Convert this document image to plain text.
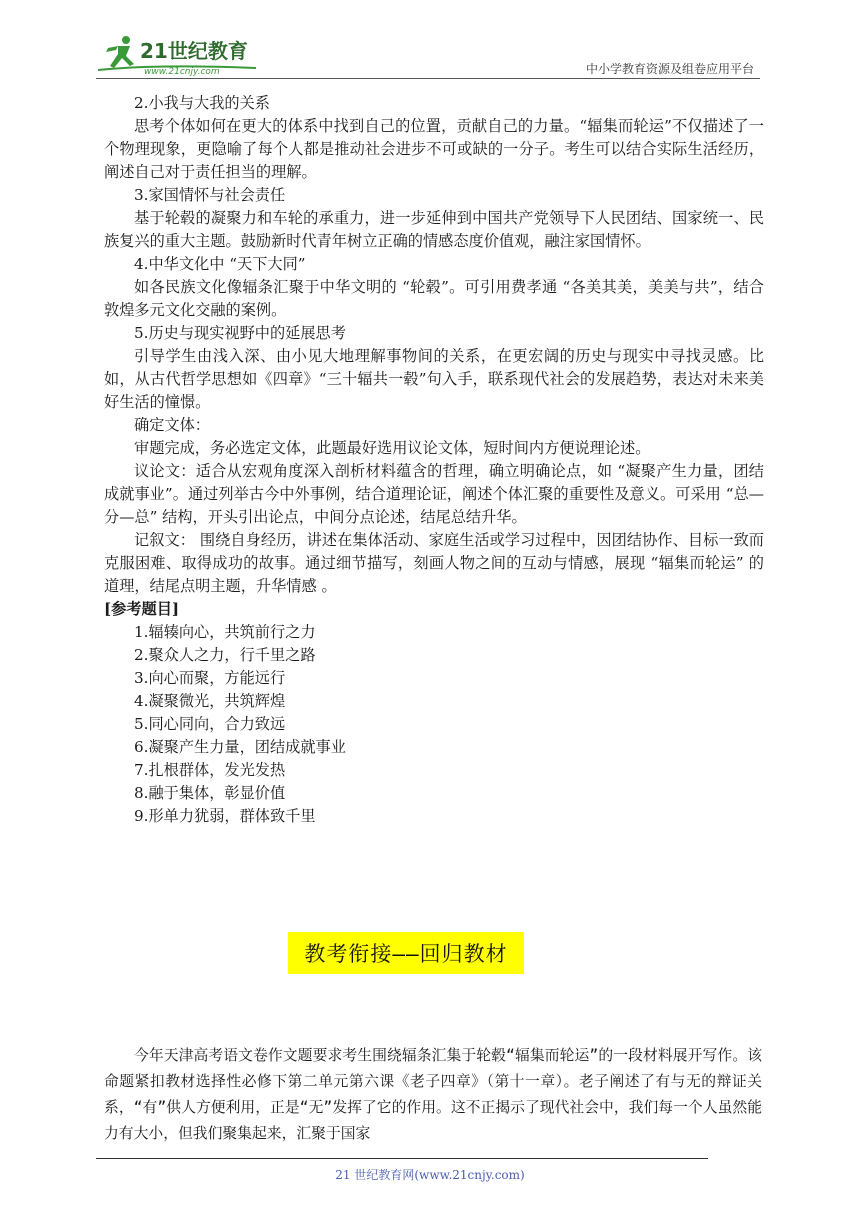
21世纪教育
www.21cnjy.com	中小学教育资源及组卷应用平台
2.小我与大我的关系

思考个体如何在更大的体系中找到自己的位置，贡献自己的力量。“辐集而轮运”不仅描述了一个物理现象，更隐喻了每个人都是推动社会进步不可或缺的一分子。考生可以结合实际生活经历，阐述自己对于责任担当的理解。

3.家国情怀与社会责任

基于轮毂的凝聚力和车轮的承重力，进一步延伸到中国共产党领导下人民团结、国家统一、民族复兴的重大主题。鼓励新时代青年树立正确的情感态度价值观，融注家国情怀。

4.中华文化中 “天下大同”

如各民族文化像辐条汇聚于中华文明的 “轮毂”。可引用费孝通 “各美其美，美美与共”，结合敦煌多元文化交融的案例。

5.历史与现实视野中的延展思考

引导学生由浅入深、由小见大地理解事物间的关系，在更宏阔的历史与现实中寻找灵感。比如，从古代哲学思想如《四章》“三十辐共一毂”句入手，联系现代社会的发展趋势，表达对未来美好生活的憧憬。

确定文体：

审题完成，务必选定文体，此题最好选用议论文体，短时间内方便说理论述。

议论文：适合从宏观角度深入剖析材料蕴含的哲理，确立明确论点，如 “凝聚产生力量，团结成就事业”。通过列举古今中外事例，结合道理论证，阐述个体汇聚的重要性及意义。可采用 “总—分—总” 结构，开头引出论点，中间分点论述，结尾总结升华。

记叙文： 围绕自身经历，讲述在集体活动、家庭生活或学习过程中，因团结协作、目标一致而克服困难、取得成功的故事。通过细节描写，刻画人物之间的互动与情感，展现 “辐集而轮运” 的道理，结尾点明主题，升华情感 。

[参考题目]
1.辐辏向心，共筑前行之力
2.聚众人之力，行千里之路
3.向心而聚，方能远行
4.凝聚微光，共筑辉煌
5.同心同向，合力致远
6.凝聚产生力量，团结成就事业
7.扎根群体，发光发热
8.融于集体，彰显价值
9.形单力犹弱，群体致千里
教考衔接——回归教材

今年天津高考语文卷作文题要求考生围绕辐条汇集于轮毂“辐集而轮运”的一段材料展开写作。该命题紧扣教材选择性必修下第二单元第六课《老子四章》（第十一章）。老子阐述了有与无的辩证关系，“有”供人方便利用，正是“无”发挥了它的作用。这不正揭示了现代社会中，我们每一个人虽然能力有大小，但我们聚集起来，汇聚于国家

21 世纪教育网(www.21cnjy.com)
